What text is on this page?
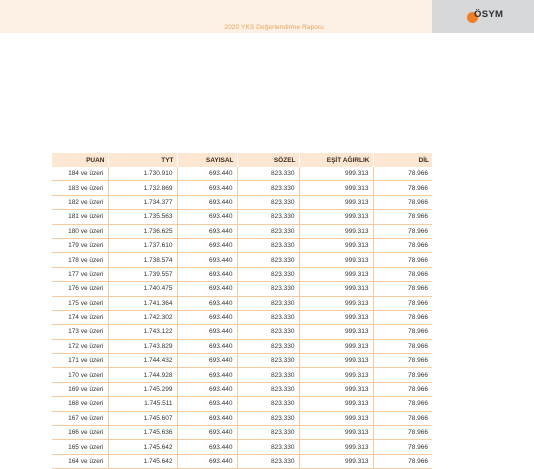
2020 YKS Değerlendirme Raporu
ÖSYM
PUAN	TYT	SAYISAL	SÖZEL	EŞİT AĞIRLIK	DİL
184 ve üzeri	1.730.910	693.440	823.330	999.313	78.966
183 ve üzeri	1.732.869	693.440	823.330	999.313	78.966
182 ve üzeri	1.734.377	693.440	823.330	999.313	78.966
181 ve üzeri	1.735.563	693.440	823.330	999.313	78.966
180 ve üzeri	1.736.625	693.440	823.330	999.313	78.966
179 ve üzeri	1.737.610	693.440	823.330	999.313	78.966
178 ve üzeri	1.738.574	693.440	823.330	999.313	78.966
177 ve üzeri	1.739.557	693.440	823.330	999.313	78.966
176 ve üzeri	1.740.475	693.440	823.330	999.313	78.966
175 ve üzeri	1.741.364	693.440	823.330	999.313	78.966
174 ve üzeri	1.742.302	693.440	823.330	999.313	78.966
173 ve üzeri	1.743.122	693.440	823.330	999.313	78.966
172 ve üzeri	1.743.829	693.440	823.330	999.313	78.966
171 ve üzeri	1.744.432	693.440	823.330	999.313	78.966
170 ve üzeri	1.744.928	693.440	823.330	999.313	78.966
169 ve üzeri	1.745.299	693.440	823.330	999.313	78.966
168 ve üzeri	1.745.511	693.440	823.330	999.313	78.966
167 ve üzeri	1.745.607	693.440	823.330	999.313	78.966
166 ve üzeri	1.745.636	693.440	823.330	999.313	78.966
165 ve üzeri	1.745.642	693.440	823.330	999.313	78.966
164 ve üzeri	1.745.642	693.440	823.330	999.313	78.966
